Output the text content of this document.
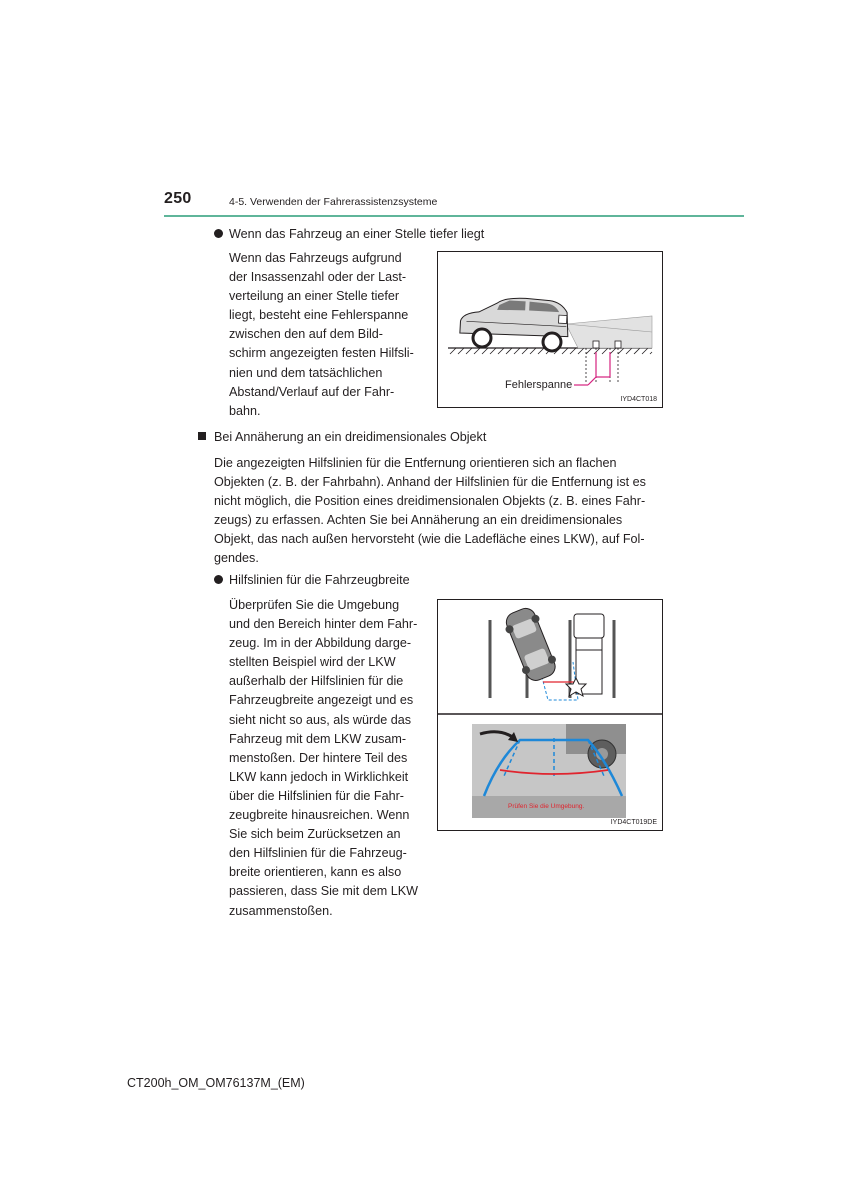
250	4-5. Verwenden der Fahrerassistenzsysteme
Wenn das Fahrzeug an einer Stelle tiefer liegt

Wenn das Fahrzeugs aufgrund

der Insassenzahl oder der Last-

verteilung an einer Stelle tiefer

liegt, besteht eine Fehlerspanne

zwischen den auf dem Bild-

schirm angezeigten festen Hilfsli-

nien und dem tatsächlichen

Abstand/Verlauf auf der Fahr-

bahn.

Fehlerspanne
IYD4CT018
Bei Annäherung an ein dreidimensionales Objekt

Die angezeigten Hilfslinien für die Entfernung orientieren sich an flachen

Objekten (z. B. der Fahrbahn). Anhand der Hilfslinien für die Entfernung ist es

nicht möglich, die Position eines dreidimensionalen Objekts (z. B. eines Fahr-

zeugs) zu erfassen. Achten Sie bei Annäherung an ein dreidimensionales

Objekt, das nach außen hervorsteht (wie die Ladefläche eines LKW), auf Fol-

gendes.

Hilfslinien für die Fahrzeugbreite

Überprüfen Sie die Umgebung

und den Bereich hinter dem Fahr-

zeug. Im in der Abbildung darge-

stellten Beispiel wird der LKW

außerhalb der Hilfslinien für die

Fahrzeugbreite angezeigt und es

sieht nicht so aus, als würde das

Fahrzeug mit dem LKW zusam-

menstoßen. Der hintere Teil des

LKW kann jedoch in Wirklichkeit

über die Hilfslinien für die Fahr-

zeugbreite hinausreichen. Wenn

Sie sich beim Zurücksetzen an

den Hilfslinien für die Fahrzeug-

breite orientieren, kann es also

passieren, dass Sie mit dem LKW

zusammenstoßen.

Prüfen Sie die Umgebung.
IYD4CT019DE
CT200h_OM_OM76137M_(EM)
